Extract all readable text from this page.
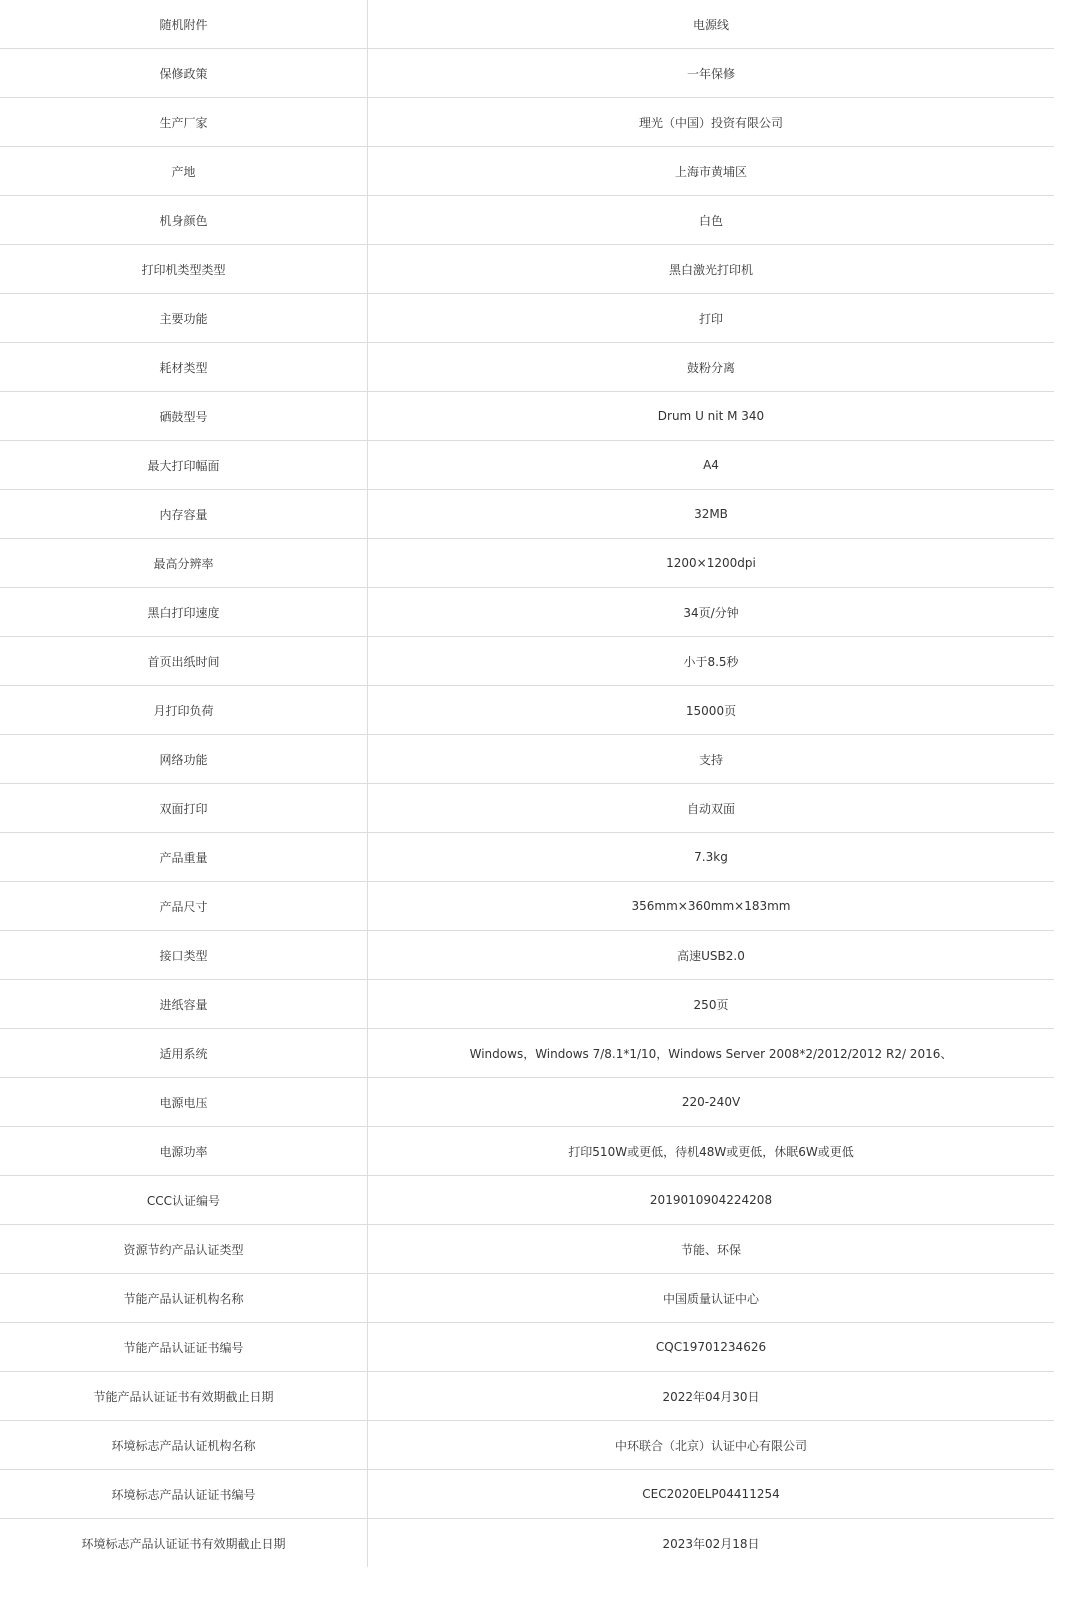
随机附件	电源线
保修政策	一年保修
生产厂家	理光（中国）投资有限公司
产地	上海市黄埔区
机身颜色	白色
打印机类型类型	黑白激光打印机
主要功能	打印
耗材类型	鼓粉分离
硒鼓型号	Drum U nit M 340
最大打印幅面	A4
内存容量	32MB
最高分辨率	1200×1200dpi
黑白打印速度	34页/分钟
首页出纸时间	小于8.5秒
月打印负荷	15000页
网络功能	支持
双面打印	自动双面
产品重量	7.3kg
产品尺寸	356mm×360mm×183mm
接口类型	高速USB2.0
进纸容量	250页
适用系统	Windows，Windows 7/8.1*1/10，Windows Server 2008*2/2012/2012 R2/ 2016、
电源电压	220-240V
电源功率	打印510W或更低，待机48W或更低，休眠6W或更低
CCC认证编号	2019010904224208
资源节约产品认证类型	节能、环保
节能产品认证机构名称	中国质量认证中心
节能产品认证证书编号	CQC19701234626
节能产品认证证书有效期截止日期	2022年04月30日
环境标志产品认证机构名称	中环联合（北京）认证中心有限公司
环境标志产品认证证书编号	CEC2020ELP04411254
环境标志产品认证证书有效期截止日期	2023年02月18日
